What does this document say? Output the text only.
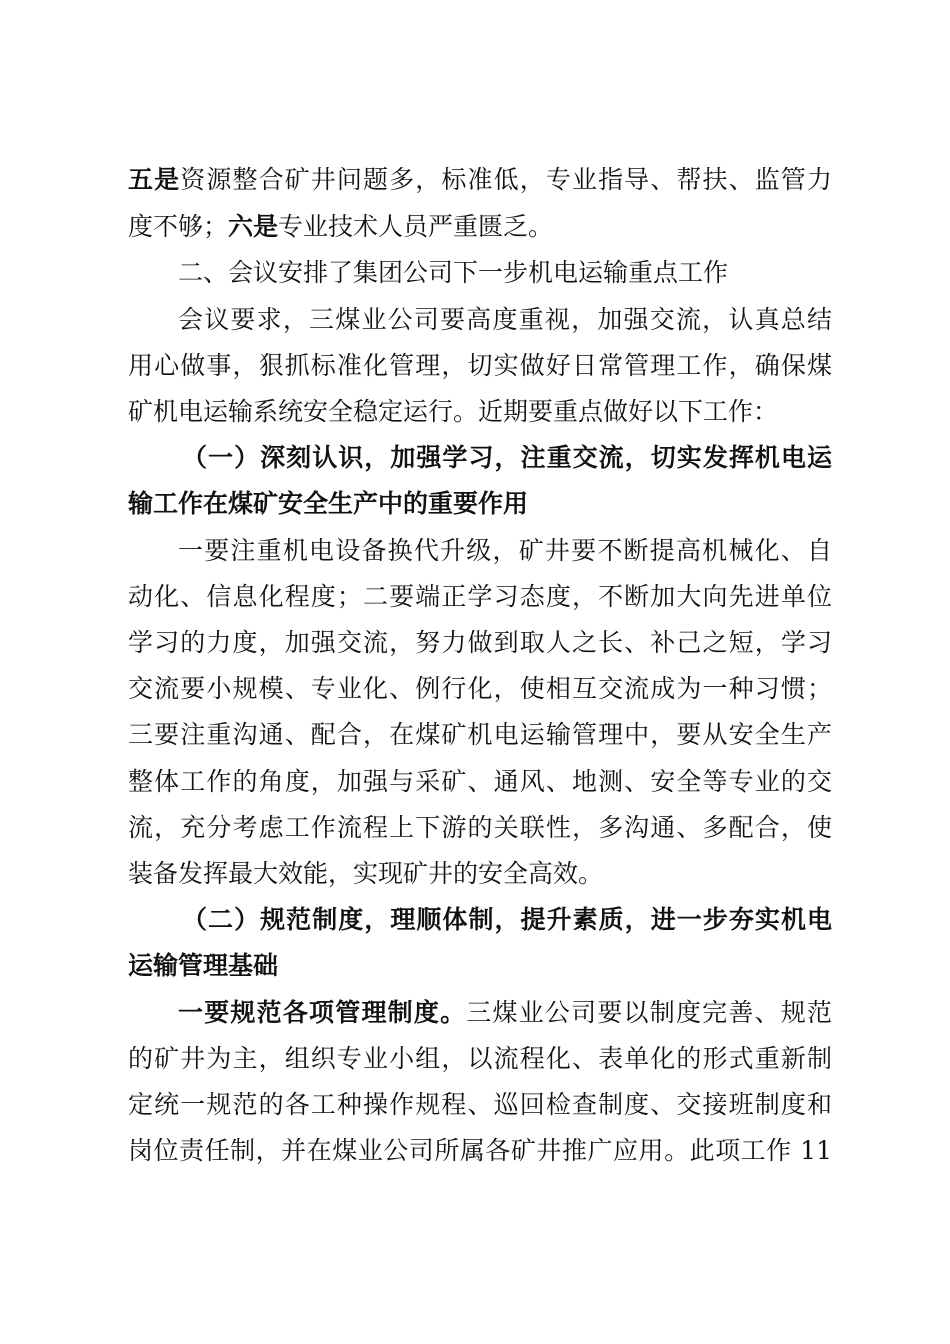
五是资源整合矿井问题多，标准低，专业指导、帮扶、监管力
度不够；六是专业技术人员严重匮乏。
二、会议安排了集团公司下一步机电运输重点工作
会议要求，三煤业公司要高度重视，加强交流，认真总结
用心做事，狠抓标准化管理，切实做好日常管理工作，确保煤
矿机电运输系统安全稳定运行。近期要重点做好以下工作：
（一）深刻认识，加强学习，注重交流，切实发挥机电运
输工作在煤矿安全生产中的重要作用
一要注重机电设备换代升级，矿井要不断提高机械化、自
动化、信息化程度；二要端正学习态度，不断加大向先进单位
学习的力度，加强交流，努力做到取人之长、补己之短，学习
交流要小规模、专业化、例行化，使相互交流成为一种习惯；
三要注重沟通、配合，在煤矿机电运输管理中，要从安全生产
整体工作的角度，加强与采矿、通风、地测、安全等专业的交
流，充分考虑工作流程上下游的关联性，多沟通、多配合，使
装备发挥最大效能，实现矿井的安全高效。
（二）规范制度，理顺体制，提升素质，进一步夯实机电
运输管理基础
一要规范各项管理制度。三煤业公司要以制度完善、规范
的矿井为主，组织专业小组，以流程化、表单化的形式重新制
定统一规范的各工种操作规程、巡回检查制度、交接班制度和
岗位责任制，并在煤业公司所属各矿井推广应用。此项工作 11
